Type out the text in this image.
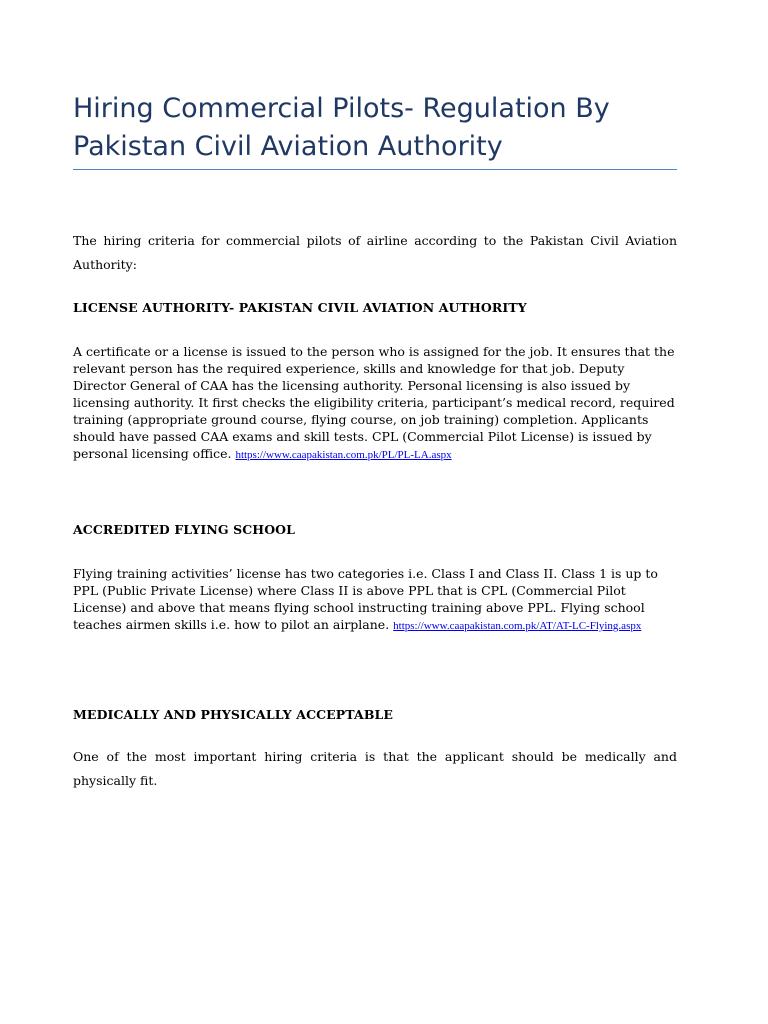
Hiring Commercial Pilots- Regulation By Pakistan Civil Aviation Authority

The hiring criteria for commercial pilots of airline according to the Pakistan Civil Aviation Authority:

LICENSE AUTHORITY- PAKISTAN CIVIL AVIATION AUTHORITY

A certificate or a license is issued to the person who is assigned for the job. It ensures that the relevant person has the required experience, skills and knowledge for that job. Deputy Director General of CAA has the licensing authority. Personal licensing is also issued by licensing authority. It first checks the eligibility criteria, participant’s medical record, required training (appropriate ground course, flying course, on job training) completion. Applicants should have passed CAA exams and skill tests. CPL (Commercial Pilot License) is issued by personal licensing office. https://www.caapakistan.com.pk/PL/PL-LA.aspx

ACCREDITED FLYING SCHOOL

Flying training activities’ license has two categories i.e. Class I and Class II. Class 1 is up to PPL (Public Private License) where Class II is above PPL that is CPL (Commercial Pilot License) and above that means flying school instructing training above PPL. Flying school teaches airmen skills i.e. how to pilot an airplane. https://www.caapakistan.com.pk/AT/AT-LC-Flying.aspx

MEDICALLY AND PHYSICALLY ACCEPTABLE

One of the most important hiring criteria is that the applicant should be medically and physically fit.
